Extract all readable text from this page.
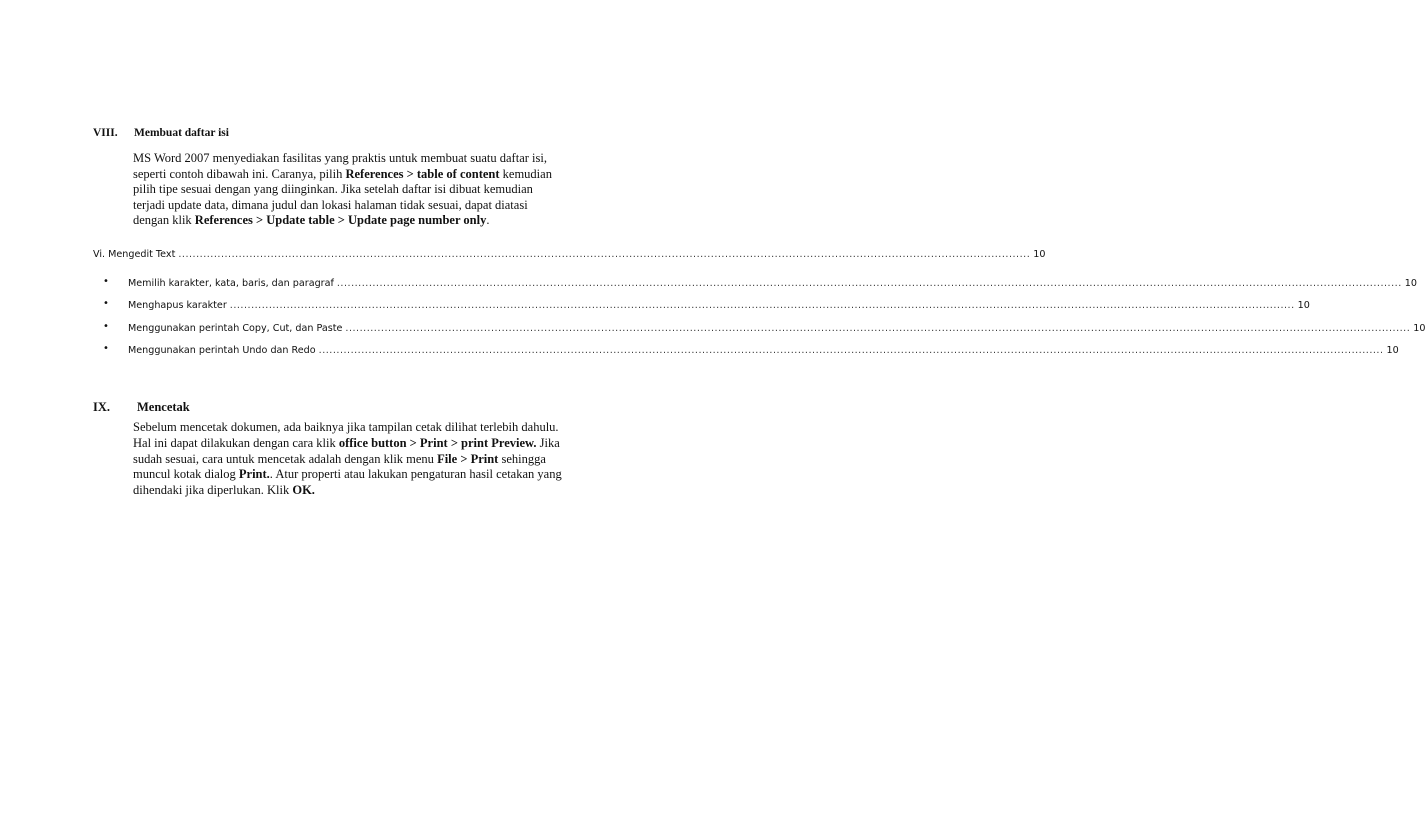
VIII. Membuat daftar isi
MS Word 2007 menyediakan fasilitas yang praktis untuk membuat suatu daftar isi,
seperti contoh dibawah ini. Caranya, pilih References > table of content kemudian
pilih tipe sesuai dengan yang diinginkan. Jika setelah daftar isi dibuat kemudian
terjadi update data, dimana judul dan lokasi halaman tidak sesuai, dapat diatasi
dengan klik References > Update table > Update page number only.
Vi. Mengedit Text ................................................................................................................................................................................................................................................ 10
• Memilih karakter, kata, baris, dan paragraf ............................................................................................................................................................................................................................................................................................................ 10
• Menghapus karakter ............................................................................................................................................................................................................................................................................................................ 10
• Menggunakan perintah Copy, Cut, dan Paste ............................................................................................................................................................................................................................................................................................................ 10
• Menggunakan perintah Undo dan Redo ............................................................................................................................................................................................................................................................................................................ 10
IX. Mencetak
Sebelum mencetak dokumen, ada baiknya jika tampilan cetak dilihat terlebih dahulu.
Hal ini dapat dilakukan dengan cara klik office button > Print > print Preview. Jika
sudah sesuai, cara untuk mencetak adalah dengan klik menu File > Print sehingga
muncul kotak dialog Print.. Atur properti atau lakukan pengaturan hasil cetakan yang
dihendaki jika diperlukan. Klik OK.
